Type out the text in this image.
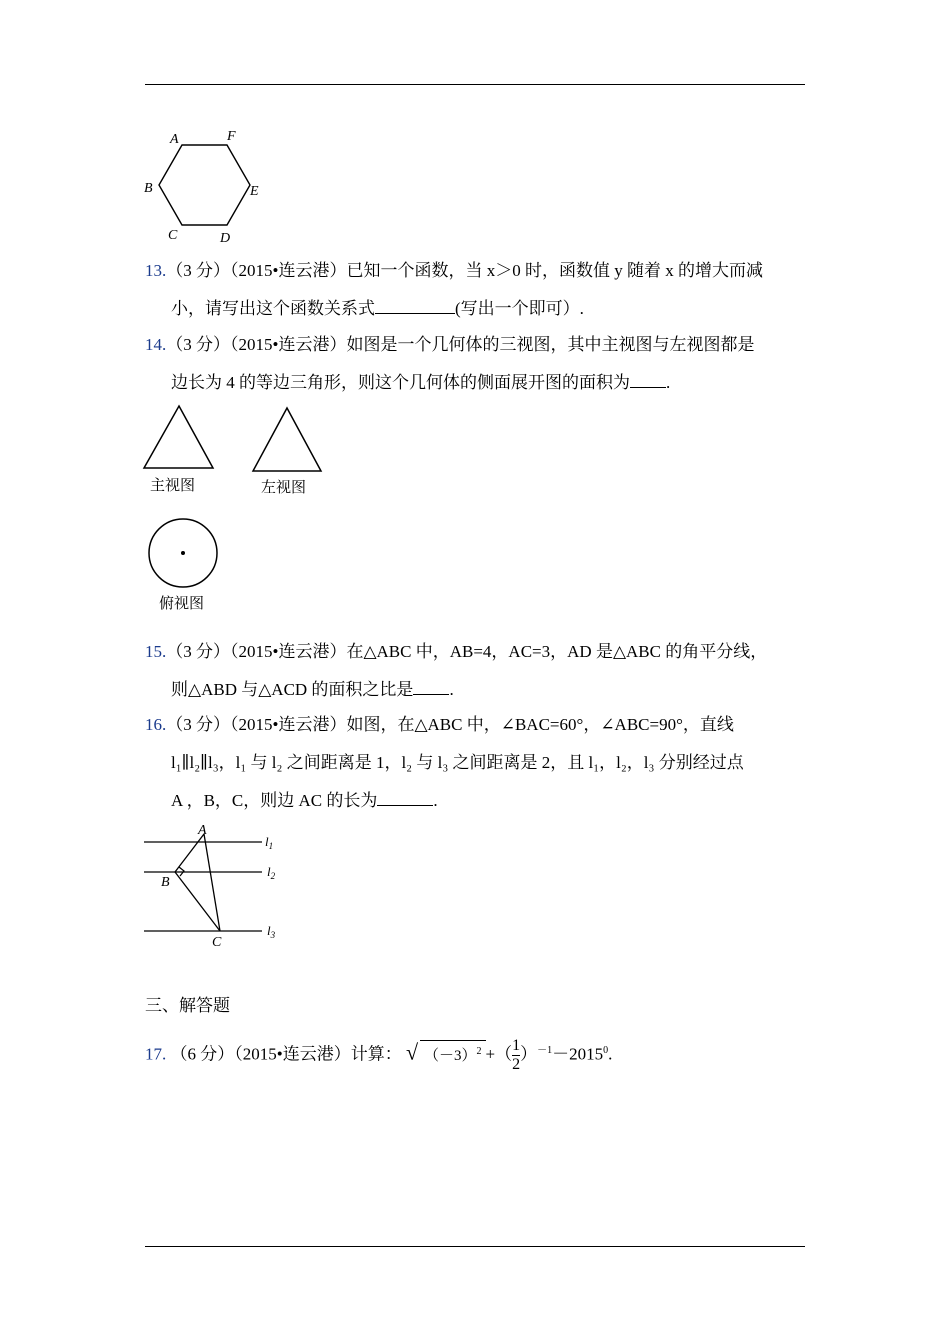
A	F
B	E
C	D
13.（3 分）（2015•连云港）已知一个函数，当 x＞0 时，函数值 y 随着 x 的增大而减
小，请写出这个函数关系式	(写出一个即可）.
14.（3 分）（2015•连云港）如图是一个几何体的三视图，其中主视图与左视图都是
边长为 4 的等边三角形，则这个几何体的侧面展开图的面积为 .
主视图	左视图
俯视图
15.（3 分）（2015•连云港）在△ABC 中，AB=4，AC=3，AD 是△ABC 的角平分线，
则△ABD 与△ACD 的面积之比是 .
16.（3 分）（2015•连云港）如图，在△ABC 中，∠BAC=60°，∠ABC=90°，直线
l₁∥l₂∥l₃，l₁ 与 l₂ 之间距离是 1，l₂ 与 l₃ 之间距离是 2，且 l₁，l₂，l₃ 分别经过点
A ，B，C，则边 AC 的长为	.
A
B
C
$l_1$
$l_2$
$l_3$
三、解答题
17. （6 分）（2015•连云港）计算： √ $(-3)^2$ +（ $\frac{1}{2} )^{-1}-2015^0$.
